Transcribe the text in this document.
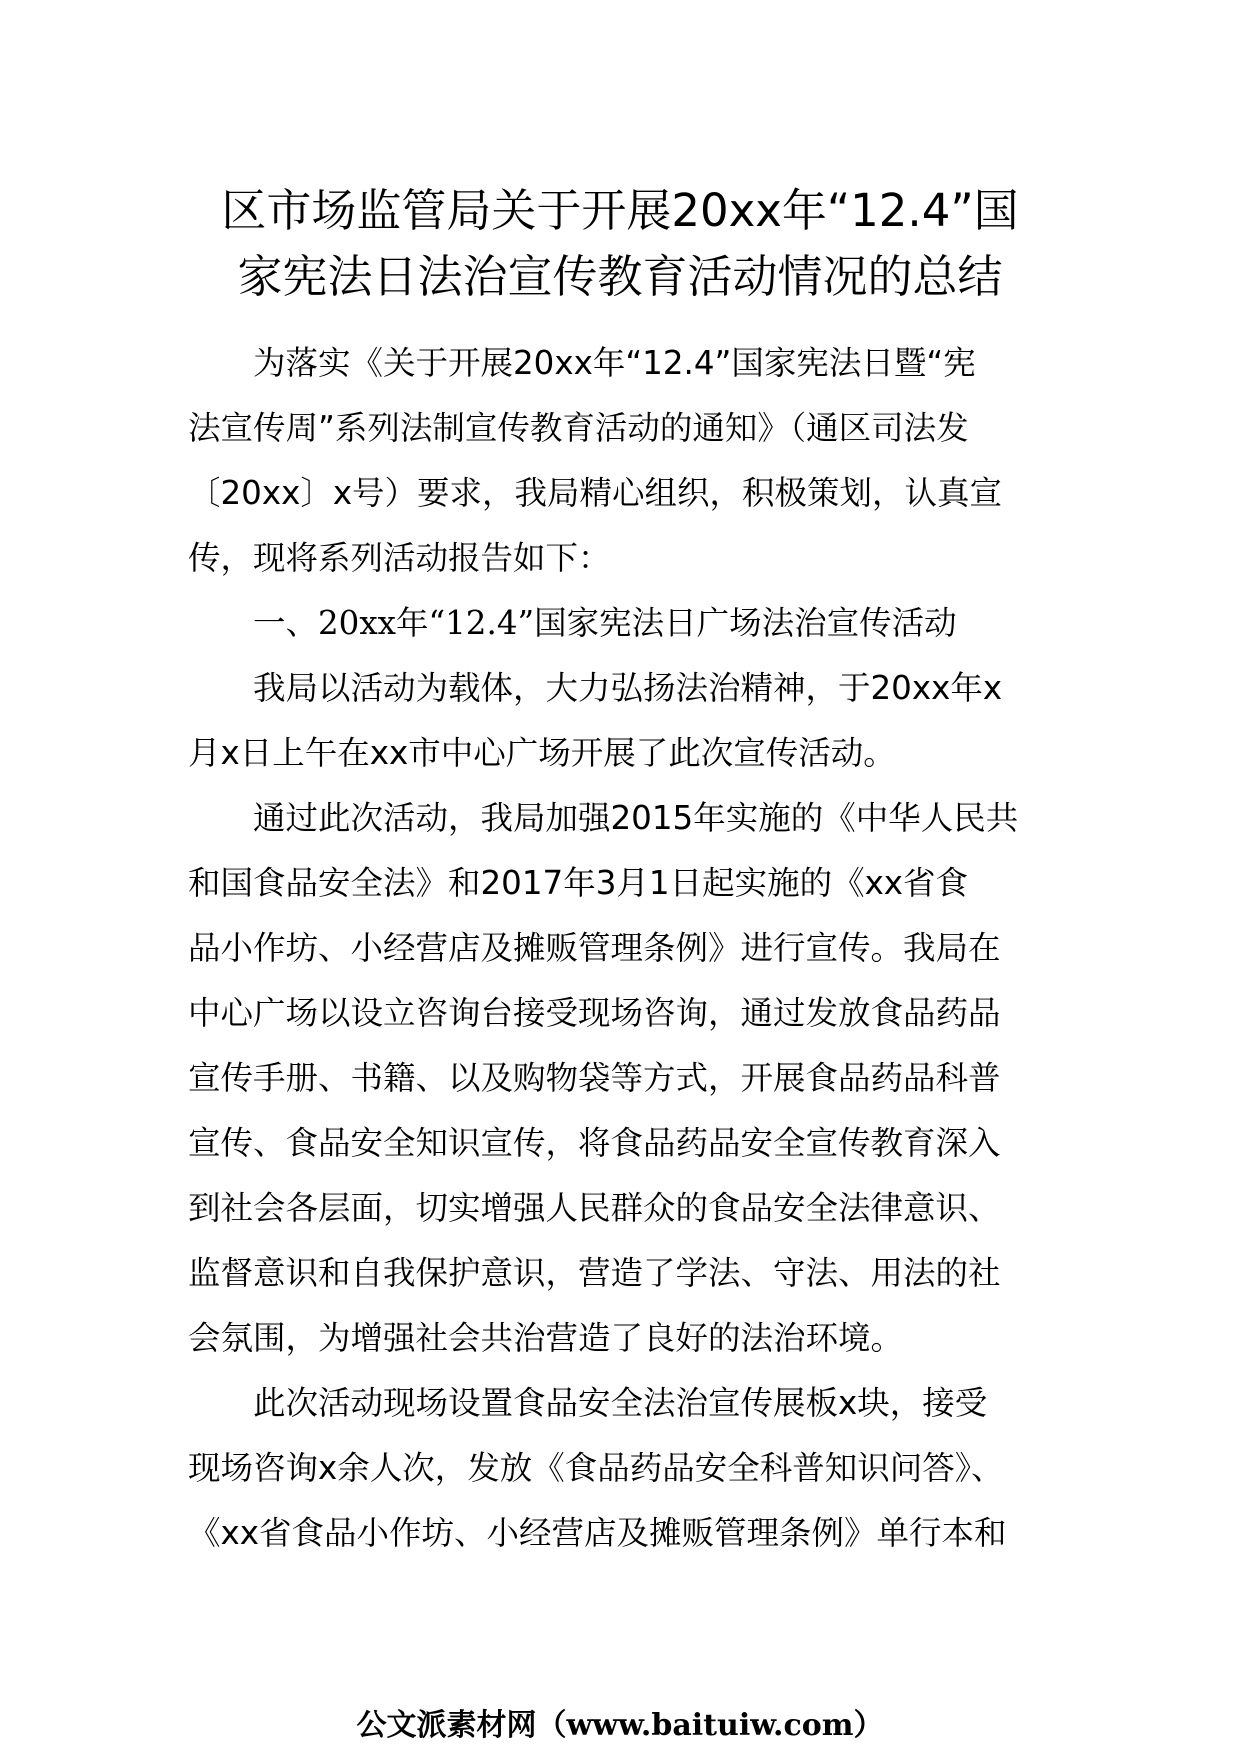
区市场监管局关于开展20xx年“12.4”国
家宪法日法治宣传教育活动情况的总结
为落实《关于开展20xx年“12.4”国家宪法日暨“宪
法宣传周”系列法制宣传教育活动的通知》（通区司法发
〔20xx〕x号）要求，我局精心组织，积极策划，认真宣
传，现将系列活动报告如下：
一、20xx年“12.4”国家宪法日广场法治宣传活动
我局以活动为载体，大力弘扬法治精神，于20xx年x
月x日上午在xx市中心广场开展了此次宣传活动。
通过此次活动，我局加强2015年实施的《中华人民共
和国食品安全法》和2017年3月1日起实施的《xx省食
品小作坊、小经营店及摊贩管理条例》进行宣传。我局在
中心广场以设立咨询台接受现场咨询，通过发放食品药品
宣传手册、书籍、以及购物袋等方式，开展食品药品科普
宣传、食品安全知识宣传，将食品药品安全宣传教育深入
到社会各层面，切实增强人民群众的食品安全法律意识、
监督意识和自我保护意识，营造了学法、守法、用法的社
会氛围，为增强社会共治营造了良好的法治环境。
此次活动现场设置食品安全法治宣传展板x块，接受
现场咨询x余人次，发放《食品药品安全科普知识问答》、
《xx省食品小作坊、小经营店及摊贩管理条例》单行本和
公文派素材网（www.baituiw.com）
